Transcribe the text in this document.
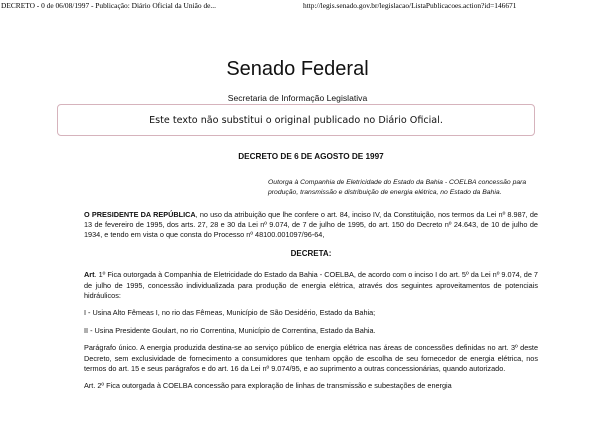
DECRETO - 0 de 06/08/1997 - Publicação: Diário Oficial da União de...	http://legis.senado.gov.br/legislacao/ListaPublicacoes.action?id=146671
Senado Federal

Secretaria de Informação Legislativa

Este texto não substitui o original publicado no Diário Oficial.

DECRETO DE 6 DE AGOSTO DE 1997

Outorga à Companhia de Eletricidade do Estado da Bahia - COELBA concessão para produção, transmissão e distribuição de energia elétrica, no Estado da Bahia.

O PRESIDENTE DA REPÚBLICA, no uso da atribuição que lhe confere o art. 84, inciso IV, da Constituição, nos termos da Lei nº 8.987, de 13 de fevereiro de 1995, dos arts. 27, 28 e 30 da Lei nº 9.074, de 7 de julho de 1995, do art. 150 do Decreto nº 24.643, de 10 de julho de 1934, e tendo em vista o que consta do Processo nº 48100.001097/96-64,

DECRETA:

Art. 1º Fica outorgada à Companhia de Eletricidade do Estado da Bahia - COELBA, de acordo com o inciso I do art. 5º da Lei nº 9.074, de 7 de julho de 1995, concessão individualizada para produção de energia elétrica, através dos seguintes aproveitamentos de potenciais hidráulicos:

I - Usina Alto Fêmeas I, no rio das Fêmeas, Município de São Desidério, Estado da Bahia;

II - Usina Presidente Goulart, no rio Correntina, Município de Correntina, Estado da Bahia.

Parágrafo único. A energia produzida destina-se ao serviço público de energia elétrica nas áreas de concessões definidas no art. 3º deste Decreto, sem exclusividade de fornecimento a consumidores que tenham opção de escolha de seu fornecedor de energia elétrica, nos termos do art. 15 e seus parágrafos e do art. 16 da Lei nº 9.074/95, e ao suprimento a outras concessionárias, quando autorizado.

Art. 2º Fica outorgada à COELBA concessão para exploração de linhas de transmissão e subestações de energia
